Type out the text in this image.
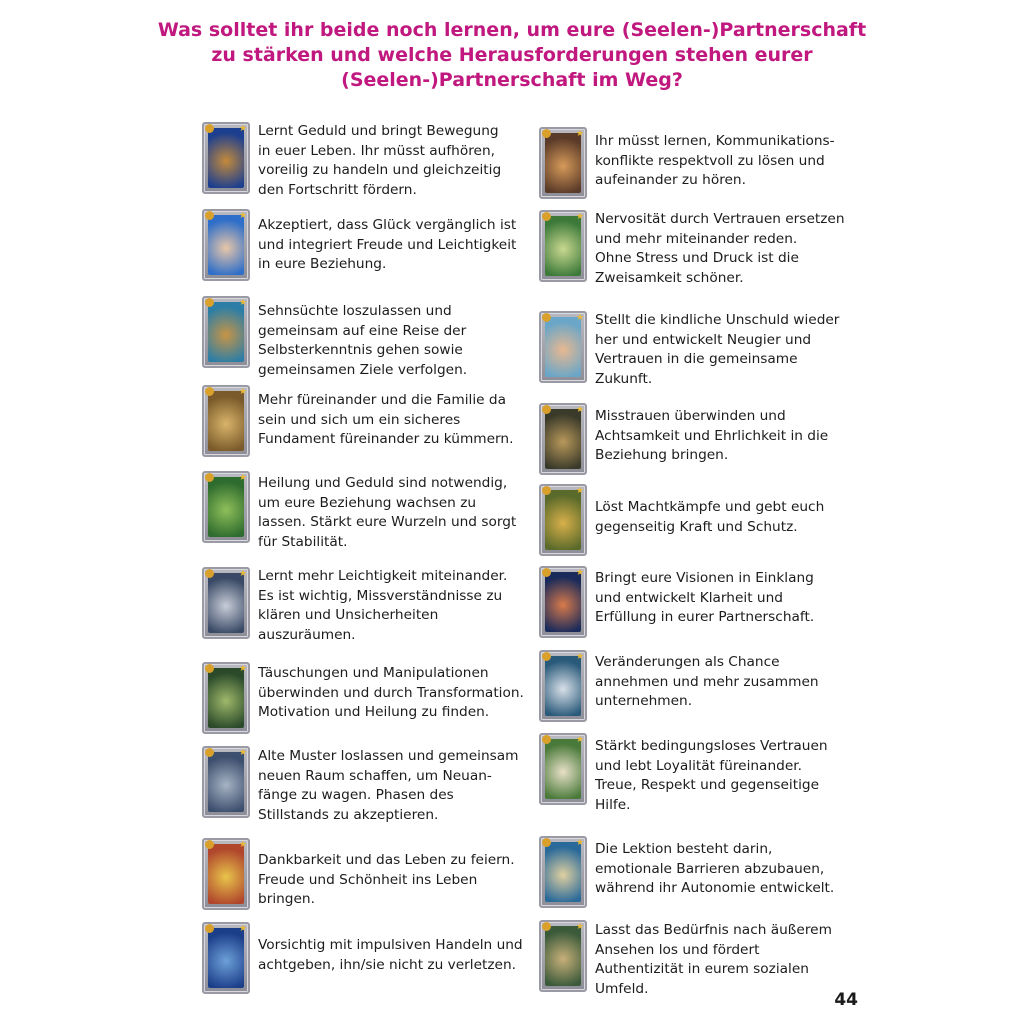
Was solltet ihr beide noch lernen, um eure (Seelen-)Partnerschaft
zu stärken und welche Herausforderungen stehen eurer
(Seelen-)Partnerschaft im Weg?
★ Lernt Geduld und bringt Bewegung
in euer Leben. Ihr müsst aufhören,
voreilig zu handeln und gleichzeitig
den Fortschritt fördern.
★
Akzeptiert, dass Glück vergänglich ist
und integriert Freude und Leichtigkeit
in eure Beziehung.
★
Sehnsüchte loszulassen und
gemeinsam auf eine Reise der
Selbsterkenntnis gehen sowie
gemeinsamen Ziele verfolgen.
★
Mehr füreinander und die Familie da
sein und sich um ein sicheres
Fundament füreinander zu kümmern.
★ Heilung und Geduld sind notwendig,
um eure Beziehung wachsen zu
lassen. Stärkt eure Wurzeln und sorgt
für Stabilität.
★ Lernt mehr Leichtigkeit miteinander.
Es ist wichtig, Missverständnisse zu
klären und Unsicherheiten
auszuräumen.
★ Täuschungen und Manipulationen
überwinden und durch Transformation.
Motivation und Heilung zu finden.
★ Alte Muster loslassen und gemeinsam
neuen Raum schaffen, um Neuan-
fänge zu wagen. Phasen des
Stillstands zu akzeptieren.
★
Dankbarkeit und das Leben zu feiern.
Freude und Schönheit ins Leben
bringen.
★
Vorsichtig mit impulsiven Handeln und
achtgeben, ihn/sie nicht zu verletzen.
★ Ihr müsst lernen, Kommunikations-
konflikte respektvoll zu lösen und
aufeinander zu hören.
★ Nervosität durch Vertrauen ersetzen
und mehr miteinander reden.
Ohne Stress und Druck ist die
Zweisamkeit schöner.
★ Stellt die kindliche Unschuld wieder
her und entwickelt Neugier und
Vertrauen in die gemeinsame
Zukunft.
★ Misstrauen überwinden und
Achtsamkeit und Ehrlichkeit in die
Beziehung bringen.
★
Löst Machtkämpfe und gebt euch
gegenseitig Kraft und Schutz.
★ Bringt eure Visionen in Einklang
und entwickelt Klarheit und
Erfüllung in eurer Partnerschaft.
★ Veränderungen als Chance
annehmen und mehr zusammen
unternehmen.
★ Stärkt bedingungsloses Vertrauen
und lebt Loyalität füreinander.
Treue, Respekt und gegenseitige
Hilfe.
★ Die Lektion besteht darin,
emotionale Barrieren abzubauen,
während ihr Autonomie entwickelt.
★ Lasst das Bedürfnis nach äußerem
Ansehen los und fördert
Authentizität in eurem sozialen
Umfeld.
44
